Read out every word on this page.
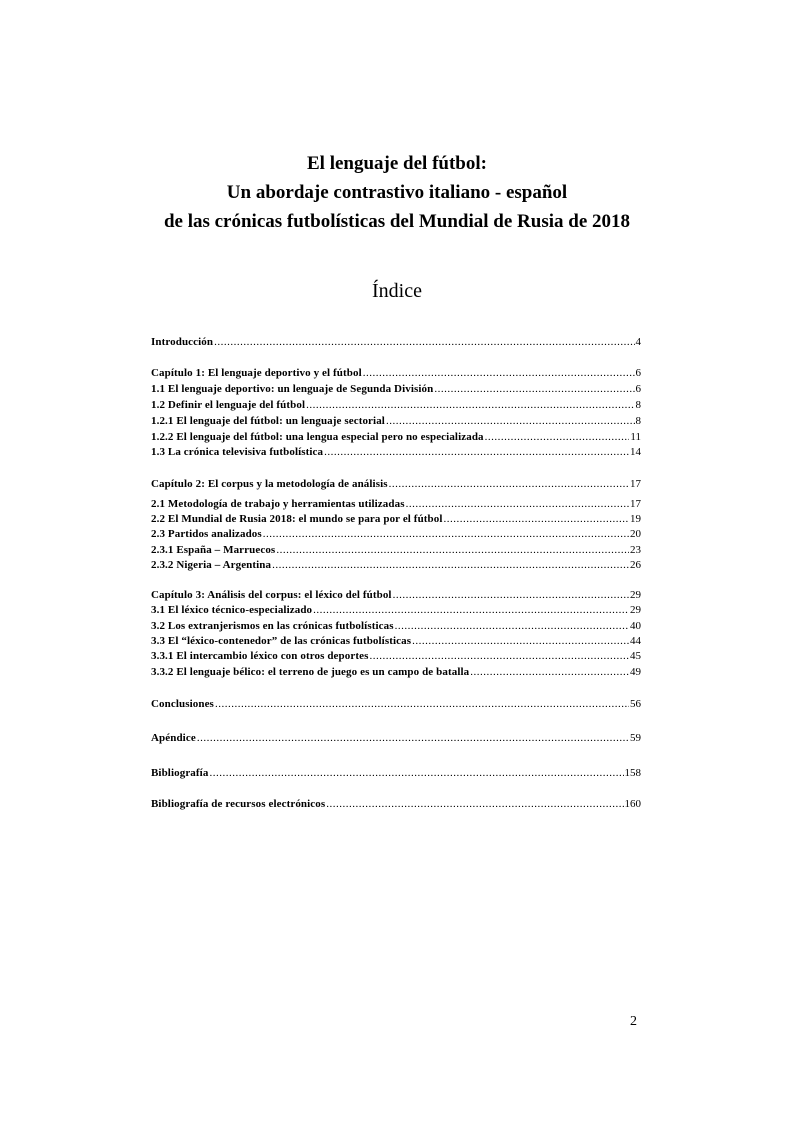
El lenguaje del fútbol:

Un abordaje contrastivo italiano - español

de las crónicas futbolísticas del Mundial de Rusia de 2018

Índice
Introducción .....	4
Capítulo 1: El lenguaje deportivo y el fútbol .....	6
1.1 El lenguaje deportivo: un lenguaje de Segunda División .....	6
1.2 Definir el lenguaje del fútbol .....	8
1.2.1 El lenguaje del fútbol: un lenguaje sectorial .....	8
1.2.2 El lenguaje del fútbol: una lengua especial pero no especializada .....	11
1.3 La crónica televisiva futbolística .....	14
Capítulo 2: El corpus y la metodología de análisis .....	17
2.1 Metodología de trabajo y herramientas utilizadas .....	17
2.2 El Mundial de Rusia 2018: el mundo se para por el fútbol .....	19
2.3 Partidos analizados .....	20
2.3.1 España – Marruecos .....	23
2.3.2 Nigeria – Argentina .....	26
Capítulo 3: Análisis del corpus: el léxico del fútbol .....	29
3.1 El léxico técnico-especializado .....	29
3.2 Los extranjerismos en las crónicas futbolísticas .....	40
3.3 El “léxico-contenedor” de las crónicas futbolísticas .....	44
3.3.1 El intercambio léxico con otros deportes .....	45
3.3.2 El lenguaje bélico: el terreno de juego es un campo de batalla .....	49
Conclusiones .....	56
Apéndice .....	59
Bibliografía .....	158
Bibliografía de recursos electrónicos .....	160
2
